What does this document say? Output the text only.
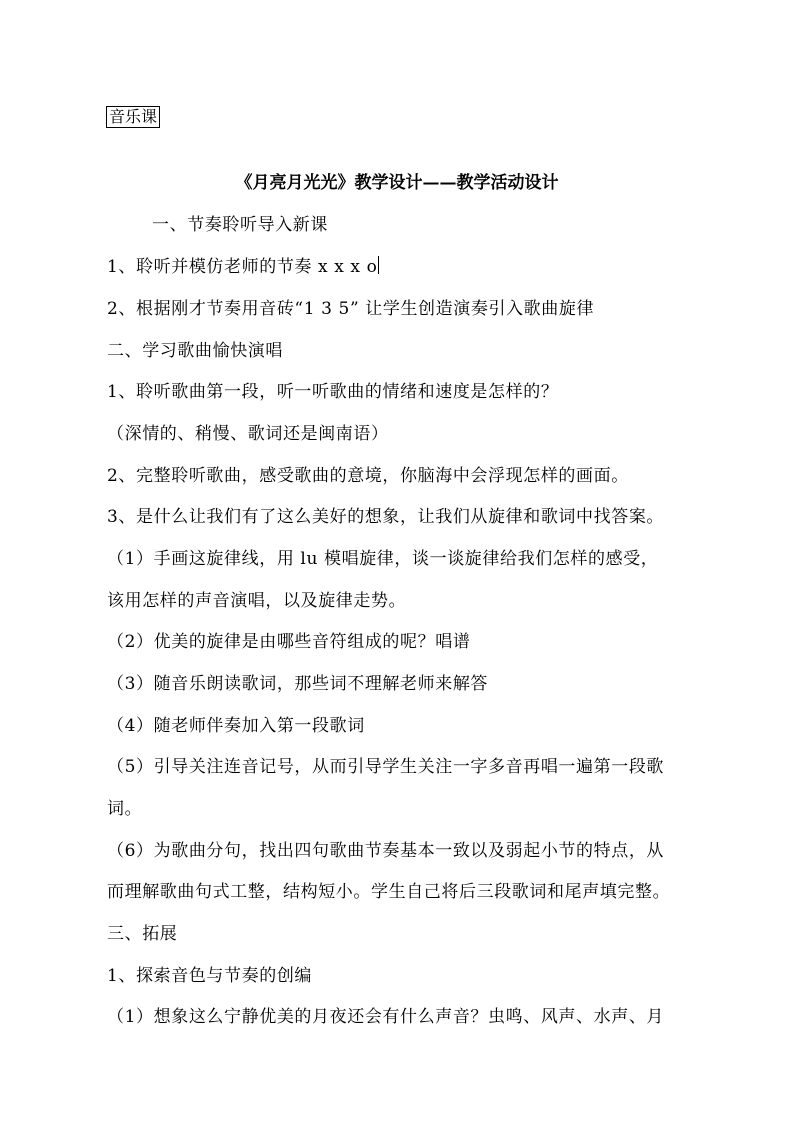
音乐课
《月亮月光光》教学设计——教学活动设计
一、节奏聆听导入新课
1、聆听并模仿老师的节奏 x x x o
2、根据刚才节奏用音砖“1 3 5” 让学生创造演奏引入歌曲旋律
二、学习歌曲愉快演唱
1、聆听歌曲第一段，听一听歌曲的情绪和速度是怎样的？
（深情的、稍慢、歌词还是闽南语）
2、完整聆听歌曲，感受歌曲的意境，你脑海中会浮现怎样的画面。
3、是什么让我们有了这么美好的想象，让我们从旋律和歌词中找答案。
（1）手画这旋律线，用 lu 模唱旋律，谈一谈旋律给我们怎样的感受，
该用怎样的声音演唱，以及旋律走势。
（2）优美的旋律是由哪些音符组成的呢？唱谱
（3）随音乐朗读歌词，那些词不理解老师来解答
（4）随老师伴奏加入第一段歌词
（5）引导关注连音记号，从而引导学生关注一字多音再唱一遍第一段歌
词。
（6）为歌曲分句，找出四句歌曲节奏基本一致以及弱起小节的特点，从
而理解歌曲句式工整，结构短小。学生自己将后三段歌词和尾声填完整。
三、拓展
1、探索音色与节奏的创编
（1）想象这么宁静优美的月夜还会有什么声音？虫鸣、风声、水声、月
